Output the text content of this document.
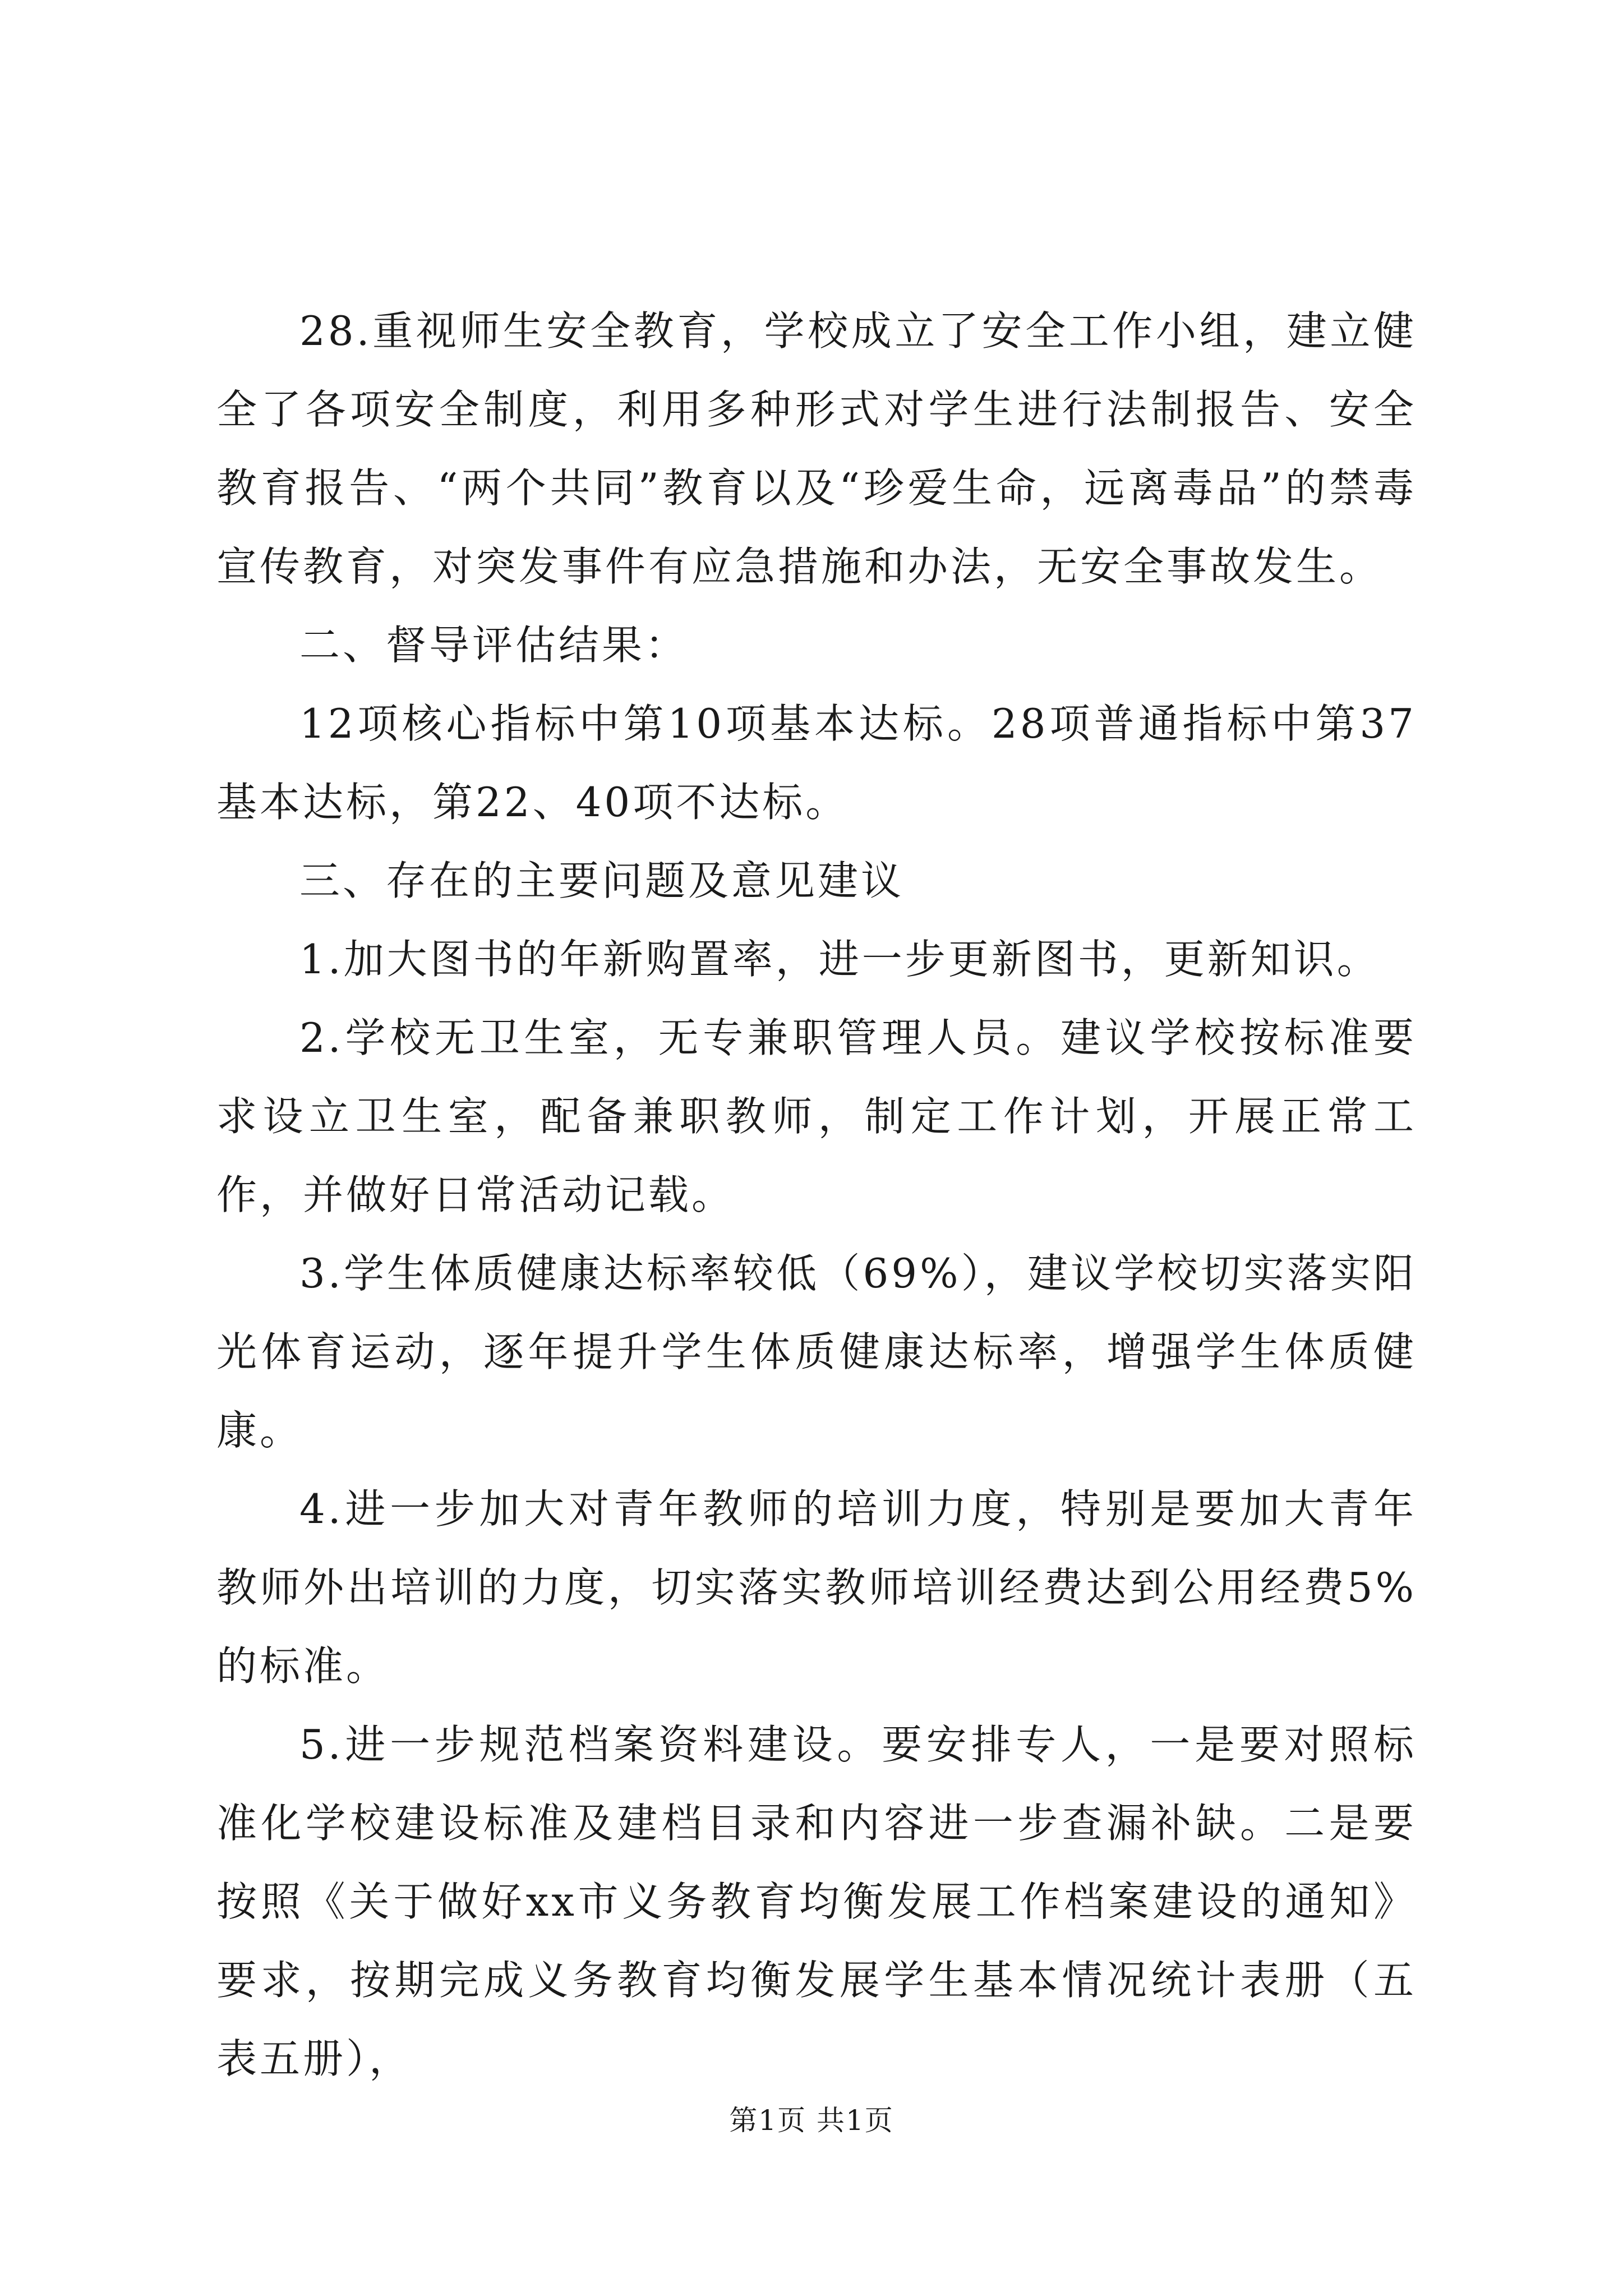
28.重视师生安全教育，学校成立了安全工作小组，建立健全了各项安全制度，利用多种形式对学生进行法制报告、安全教育报告、“两个共同”教育以及“珍爱生命，远离毒品”的禁毒宣传教育，对突发事件有应急措施和办法，无安全事故发生。

二、督导评估结果：

12项核心指标中第10项基本达标。28项普通指标中第37基本达标，第22、40项不达标。

三、存在的主要问题及意见建议

1.加大图书的年新购置率，进一步更新图书，更新知识。

2.学校无卫生室，无专兼职管理人员。建议学校按标准要求设立卫生室，配备兼职教师，制定工作计划，开展正常工作，并做好日常活动记载。

3.学生体质健康达标率较低（69%），建议学校切实落实阳光体育运动，逐年提升学生体质健康达标率，增强学生体质健康。

4.进一步加大对青年教师的培训力度，特别是要加大青年教师外出培训的力度，切实落实教师培训经费达到公用经费5%的标准。

5.进一步规范档案资料建设。要安排专人，一是要对照标准化学校建设标准及建档目录和内容进一步查漏补缺。二是要按照《关于做好xx市义务教育均衡发展工作档案建设的通知》要求，按期完成义务教育均衡发展学生基本情况统计表册（五表五册），

第1页 共1页
